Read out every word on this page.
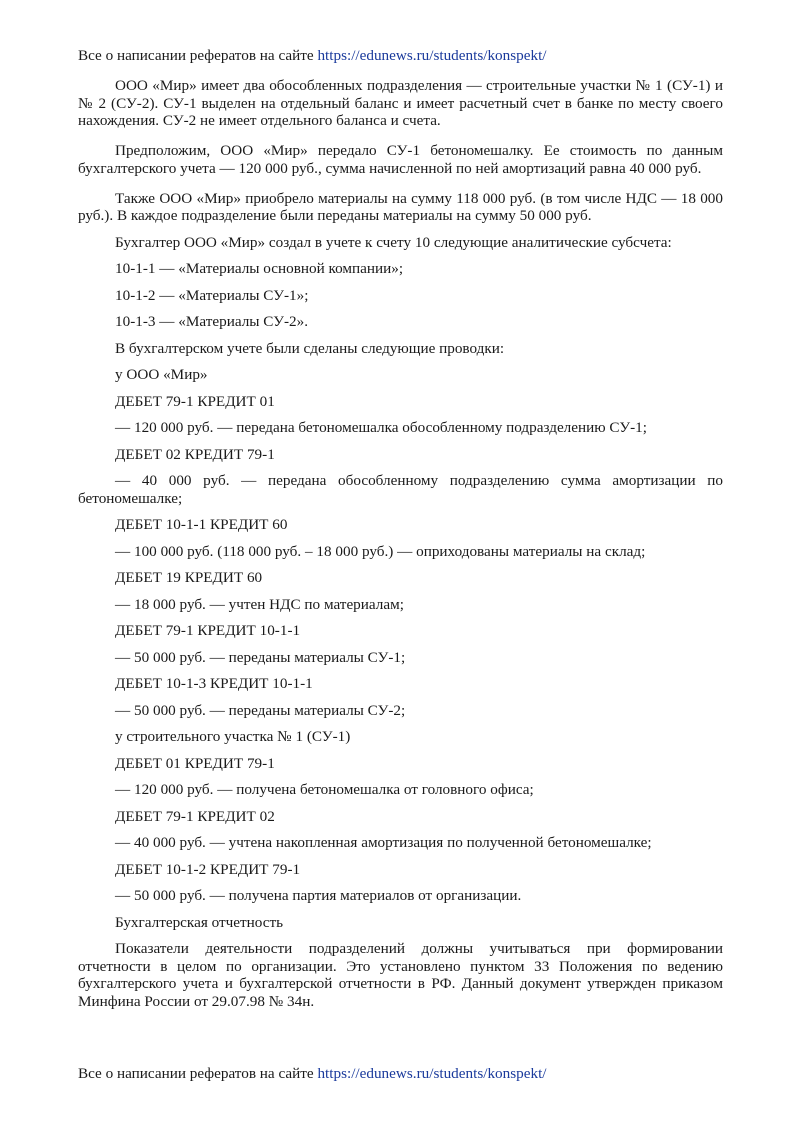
Все о написании рефератов на сайте https://edunews.ru/students/konspekt/

ООО «Мир» имеет два обособленных подразделения — строительные участки № 1 (СУ-1) и № 2 (СУ-2). СУ-1 выделен на отдельный баланс и имеет расчетный счет в банке по месту своего нахождения. СУ-2 не имеет отдельного баланса и счета.

Предположим, ООО «Мир» передало СУ-1 бетономешалку. Ее стоимость по данным бухгалтерского учета — 120 000 руб., сумма начисленной по ней амортизаций равна 40 000 руб.

Также ООО «Мир» приобрело материалы на сумму 118 000 руб. (в том числе НДС — 18 000 руб.). В каждое подразделение были переданы материалы на сумму 50 000 руб.

Бухгалтер ООО «Мир» создал в учете к счету 10 следующие аналитические субсчета:

10-1-1 — «Материалы основной компании»;

10-1-2 — «Материалы СУ-1»;

10-1-3 — «Материалы СУ-2».

В бухгалтерском учете были сделаны следующие проводки:

у ООО «Мир»

ДЕБЕТ 79-1 КРЕДИТ 01

— 120 000 руб. — передана бетономешалка обособленному подразделению СУ-1;

ДЕБЕТ 02 КРЕДИТ 79-1

— 40 000 руб. — передана обособленному подразделению сумма амортизации по бетономешалке;

ДЕБЕТ 10-1-1 КРЕДИТ 60

— 100 000 руб. (118 000 руб. – 18 000 руб.) — оприходованы материалы на склад;

ДЕБЕТ 19 КРЕДИТ 60

— 18 000 руб. — учтен НДС по материалам;

ДЕБЕТ 79-1 КРЕДИТ 10-1-1

— 50 000 руб. — переданы материалы СУ-1;

ДЕБЕТ 10-1-3 КРЕДИТ 10-1-1

— 50 000 руб. — переданы материалы СУ-2;

у строительного участка № 1 (СУ-1)

ДЕБЕТ 01 КРЕДИТ 79-1

— 120 000 руб. — получена бетономешалка от головного офиса;

ДЕБЕТ 79-1 КРЕДИТ 02

— 40 000 руб. — учтена накопленная амортизация по полученной бетономешалке;

ДЕБЕТ 10-1-2 КРЕДИТ 79-1

— 50 000 руб. — получена партия материалов от организации.

Бухгалтерская отчетность

Показатели деятельности подразделений должны учитываться при формировании отчетности в целом по организации. Это установлено пунктом 33 Положения по ведению бухгалтерского учета и бухгалтерской отчетности в РФ. Данный документ утвержден приказом Минфина России от 29.07.98 № 34н.

Все о написании рефератов на сайте https://edunews.ru/students/konspekt/
